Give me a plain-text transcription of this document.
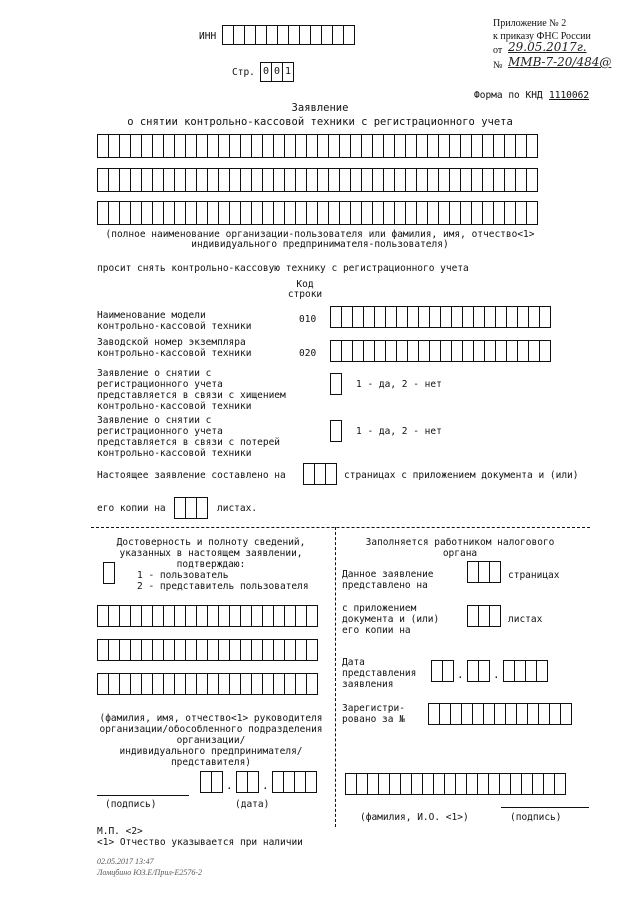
ИНН
Стр. 0 0 1
Приложение № 2
к приказу ФНС России
от 29.05.2017г.
№ ММВ-7-20/484@
Форма по КНД 1110062
Заявление
о снятии контрольно-кассовой техники с регистрационного учета
(полное наименование организации-пользователя или фамилия, имя, отчество<1>
индивидуального предпринимателя-пользователя)
просит снять контрольно-кассовую технику с регистрационного учета
Код
строки
Наименование модели
контрольно-кассовой техники
010
Заводской номер экземпляра
контрольно-кассовой техники	020
Заявление о снятии с
регистрационного учета
представляется в связи с хищением
контрольно-кассовой техники
1 - да, 2 - нет
Заявление о снятии с
регистрационного учета
представляется в связи с потерей
контрольно-кассовой техники
1 - да, 2 - нет
Настоящее заявление составлено на	страницах с приложением документа и (или)
его копии на	листах.
Достоверность и полноту сведений,
указанных в настоящем заявлении,
подтверждаю:
1 - пользователь
2 - представитель пользователя
(фамилия, имя, отчество<1> руководителя
организации/обособленного подразделения
организации/
индивидуального предпринимателя/
представителя)
(подпись)
.	.
(дата)
Заполняется работником налогового
органа
Данное заявление
представлено на
страницах
с приложением
документа и (или)
его копии на
листах
Дата
представления
заявления
.	.
Зарегистри-
ровано за №
(фамилия, И.О. <1>)	(подпись)
М.П. <2>
<1> Отчество указывается при наличии
02.05.2017 13:47
Ломцбино ЮЗ.Е/Прил-Е2576-2
